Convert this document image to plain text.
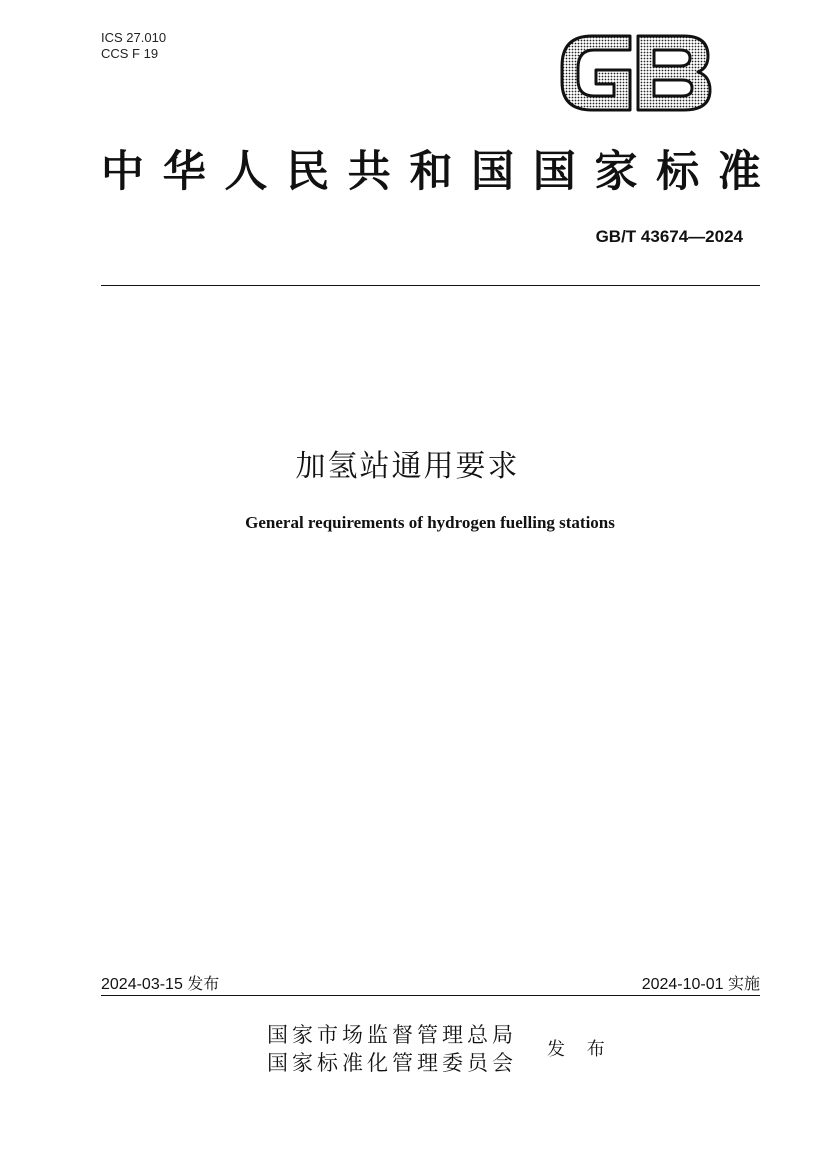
ICS 27.010
CCS F 19
中 华 人 民 共 和 国 国 家 标 准
GB/T 43674—2024
加氢站通用要求
General requirements of hydrogen fuelling stations
2024-03-15 发布	2024-10-01 实施
国家市场监督管理总局
国家标准化管理委员会
发 布
